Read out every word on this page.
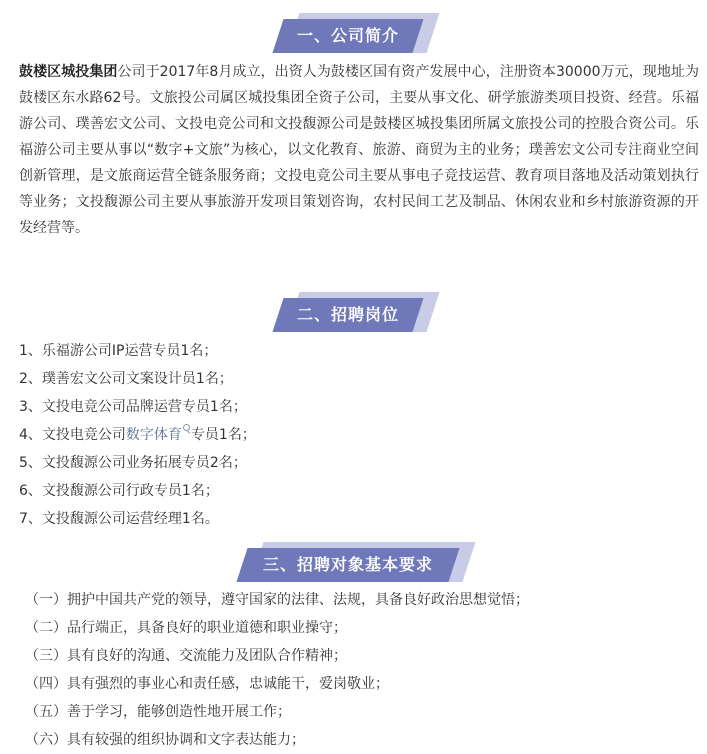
一、公司简介

鼓楼区城投集团公司于2017年8月成立，出资人为鼓楼区国有资产发展中心，注册资本30000万元，现地址为鼓楼区东水路62号。文旅投公司属区城投集团全资子公司，主要从事文化、研学旅游类项目投资、经营。乐福游公司、璞善宏文公司、文投电竞公司和文投馥源公司是鼓楼区城投集团所属文旅投公司的控股合资公司。乐福游公司主要从事以“数字+文旅”为核心，以文化教育、旅游、商贸为主的业务；璞善宏文公司专注商业空间创新管理，是文旅商运营全链条服务商；文投电竞公司主要从事电子竞技运营、教育项目落地及活动策划执行等业务；文投馥源公司主要从事旅游开发项目策划咨询，农村民间工艺及制品、休闲农业和乡村旅游资源的开发经营等。

二、招聘岗位
1、乐福游公司IP运营专员1名；
2、璞善宏文公司文案设计员1名；
3、文投电竞公司品牌运营专员1名；
4、文投电竞公司数字体育 专员1名；
5、文投馥源公司业务拓展专员2名；
6、文投馥源公司行政专员1名；
7、文投馥源公司运营经理1名。
三、招聘对象基本要求
（一）拥护中国共产党的领导，遵守国家的法律、法规，具备良好政治思想觉悟；
（二）品行端正，具备良好的职业道德和职业操守；
（三）具有良好的沟通、交流能力及团队合作精神；
（四）具有强烈的事业心和责任感，忠诚能干，爱岗敬业；
（五）善于学习，能够创造性地开展工作；
（六）具有较强的组织协调和文字表达能力；
